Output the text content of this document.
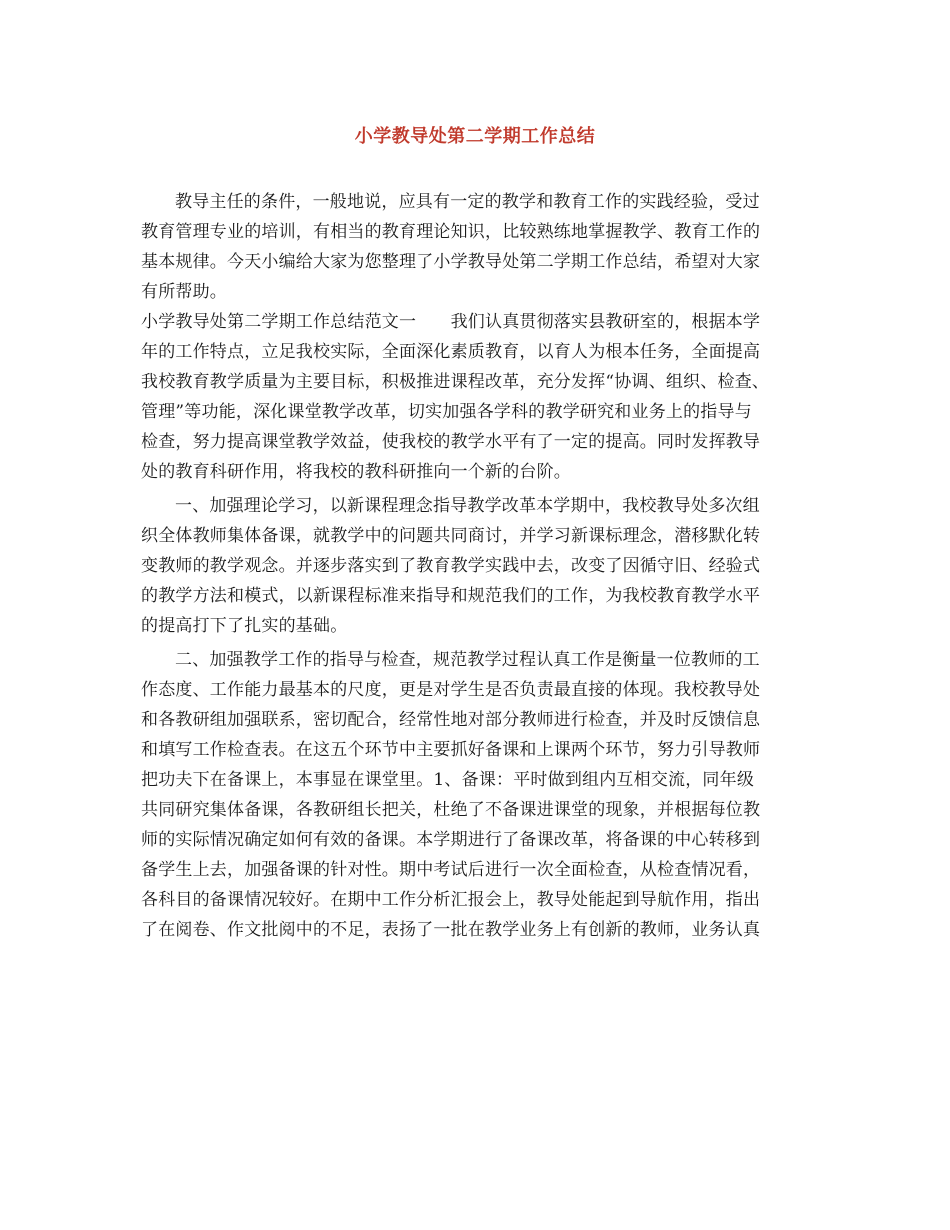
小学教导处第二学期工作总结
教导主任的条件，一般地说，应具有一定的教学和教育工作的实践经验，受过
教育管理专业的培训，有相当的教育理论知识，比较熟练地掌握教学、教育工作的
基本规律。今天小编给大家为您整理了小学教导处第二学期工作总结，希望对大家
有所帮助。
小学教导处第二学期工作总结范文一　　我们认真贯彻落实县教研室的，根据本学
年的工作特点，立足我校实际，全面深化素质教育，以育人为根本任务，全面提高
我校教育教学质量为主要目标，积极推进课程改革，充分发挥“协调、组织、检查、
管理”等功能，深化课堂教学改革，切实加强各学科的教学研究和业务上的指导与
检查，努力提高课堂教学效益，使我校的教学水平有了一定的提高。同时发挥教导
处的教育科研作用，将我校的教科研推向一个新的台阶。
一、加强理论学习，以新课程理念指导教学改革本学期中，我校教导处多次组
织全体教师集体备课，就教学中的问题共同商讨，并学习新课标理念，潜移默化转
变教师的教学观念。并逐步落实到了教育教学实践中去，改变了因循守旧、经验式
的教学方法和模式，以新课程标准来指导和规范我们的工作，为我校教育教学水平
的提高打下了扎实的基础。
二、加强教学工作的指导与检查，规范教学过程认真工作是衡量一位教师的工
作态度、工作能力最基本的尺度，更是对学生是否负责最直接的体现。我校教导处
和各教研组加强联系，密切配合，经常性地对部分教师进行检查，并及时反馈信息
和填写工作检查表。在这五个环节中主要抓好备课和上课两个环节，努力引导教师
把功夫下在备课上，本事显在课堂里。1、备课：平时做到组内互相交流，同年级
共同研究集体备课，各教研组长把关，杜绝了不备课进课堂的现象，并根据每位教
师的实际情况确定如何有效的备课。本学期进行了备课改革，将备课的中心转移到
备学生上去，加强备课的针对性。期中考试后进行一次全面检查，从检查情况看，
各科目的备课情况较好。在期中工作分析汇报会上，教导处能起到导航作用，指出
了在阅卷、作文批阅中的不足，表扬了一批在教学业务上有创新的教师，业务认真
